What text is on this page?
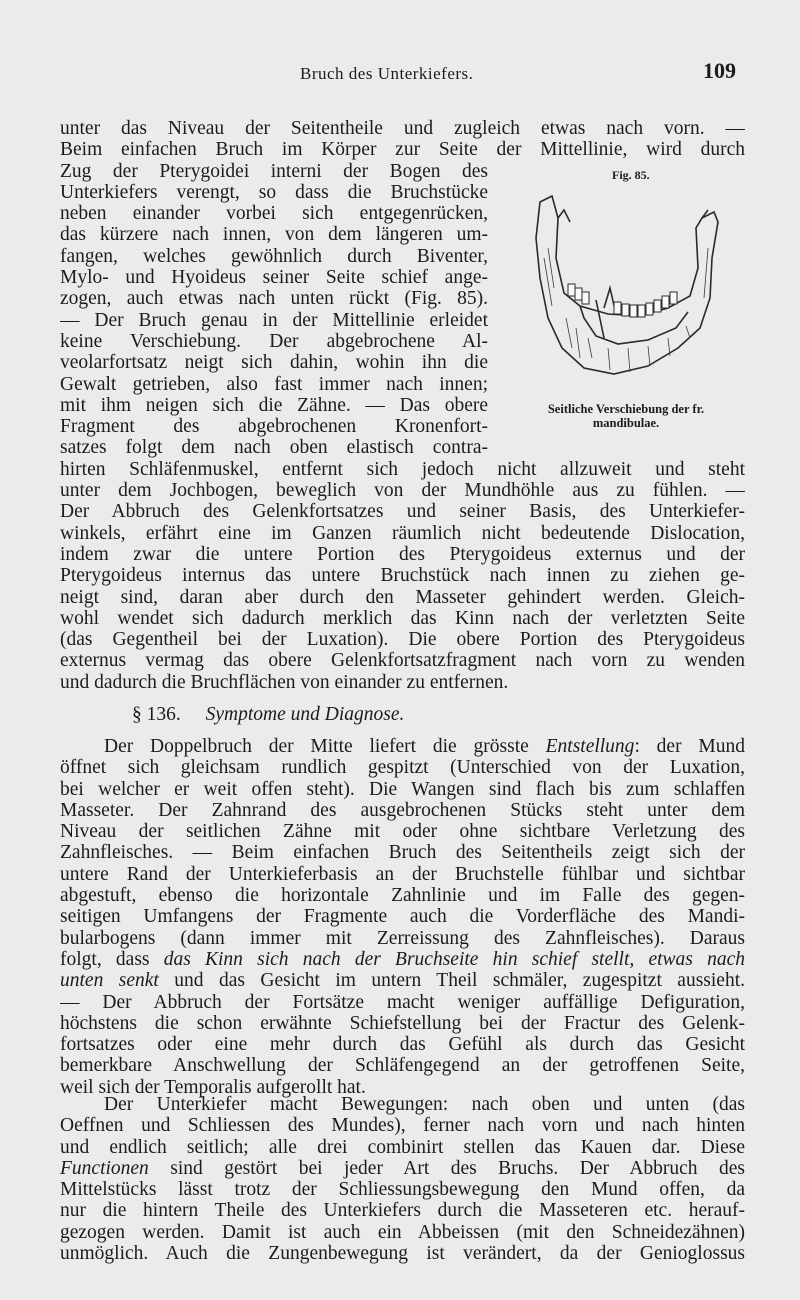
Bruch des Unterkiefers.	109
unter das Niveau der Seitentheile und zugleich etwas nach vorn. —
Beim einfachen Bruch im Körper zur Seite der Mittellinie, wird durch
Zug der Pterygoidei interni der Bogen des
Unterkiefers verengt, so dass die Bruchstücke
neben einander vorbei sich entgegenrücken,
das kürzere nach innen, von dem längeren um-
fangen, welches gewöhnlich durch Biventer,
Mylo- und Hyoideus seiner Seite schief ange-
zogen, auch etwas nach unten rückt (Fig. 85).
— Der Bruch genau in der Mittellinie erleidet
keine Verschiebung. Der abgebrochene Al-
veolarfortsatz neigt sich dahin, wohin ihn die
Gewalt getrieben, also fast immer nach innen;
mit ihm neigen sich die Zähne. — Das obere
Fragment des abgebrochenen Kronenfort-
satzes folgt dem nach oben elastisch contra-
hirten Schläfenmuskel, entfernt sich jedoch nicht allzuweit und steht
unter dem Jochbogen, beweglich von der Mundhöhle aus zu fühlen. —
Der Abbruch des Gelenkfortsatzes und seiner Basis, des Unterkiefer-
winkels, erfährt eine im Ganzen räumlich nicht bedeutende Dislocation,
indem zwar die untere Portion des Pterygoideus externus und der
Pterygoideus internus das untere Bruchstück nach innen zu ziehen ge-
neigt sind, daran aber durch den Masseter gehindert werden. Gleich-
wohl wendet sich dadurch merklich das Kinn nach der verletzten Seite
(das Gegentheil bei der Luxation). Die obere Portion des Pterygoideus
externus vermag das obere Gelenkfortsatzfragment nach vorn zu wenden
und dadurch die Bruchflächen von einander zu entfernen.
Fig. 85.
Seitliche Verschiebung der fr.
mandibulae.
§ 136. Symptome und Diagnose.
Der Doppelbruch der Mitte liefert die grösste Entstellung: der Mund
öffnet sich gleichsam rundlich gespitzt (Unterschied von der Luxation,
bei welcher er weit offen steht). Die Wangen sind flach bis zum schlaffen
Masseter. Der Zahnrand des ausgebrochenen Stücks steht unter dem
Niveau der seitlichen Zähne mit oder ohne sichtbare Verletzung des
Zahnfleisches. — Beim einfachen Bruch des Seitentheils zeigt sich der
untere Rand der Unterkieferbasis an der Bruchstelle fühlbar und sichtbar
abgestuft, ebenso die horizontale Zahnlinie und im Falle des gegen-
seitigen Umfangens der Fragmente auch die Vorderfläche des Mandi-
bularbogens (dann immer mit Zerreissung des Zahnfleisches). Daraus
folgt, dass das Kinn sich nach der Bruchseite hin schief stellt, etwas nach
unten senkt und das Gesicht im untern Theil schmäler, zugespitzt aussieht.
— Der Abbruch der Fortsätze macht weniger auffällige Defiguration,
höchstens die schon erwähnte Schiefstellung bei der Fractur des Gelenk-
fortsatzes oder eine mehr durch das Gefühl als durch das Gesicht
bemerkbare Anschwellung der Schläfengegend an der getroffenen Seite,
weil sich der Temporalis aufgerollt hat.
Der Unterkiefer macht Bewegungen: nach oben und unten (das
Oeffnen und Schliessen des Mundes), ferner nach vorn und nach hinten
und endlich seitlich; alle drei combinirt stellen das Kauen dar. Diese
Functionen sind gestört bei jeder Art des Bruchs. Der Abbruch des
Mittelstücks lässt trotz der Schliessungsbewegung den Mund offen, da
nur die hintern Theile des Unterkiefers durch die Masseteren etc. herauf-
gezogen werden. Damit ist auch ein Abbeissen (mit den Schneidezähnen)
unmöglich. Auch die Zungenbewegung ist verändert, da der Genioglossus
